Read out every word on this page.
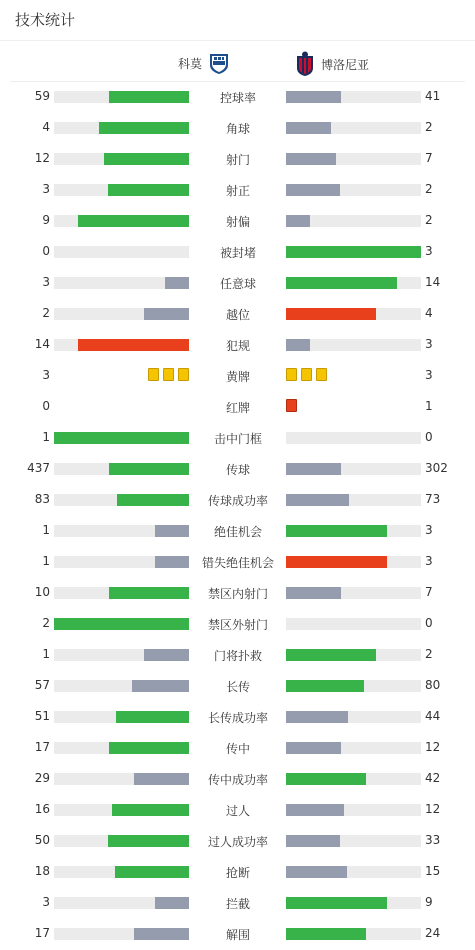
技术统计
科莫	博洛尼亚
59	控球率	41
4	角球	2
12	射门	7
3	射正	2
9	射偏	2
0	被封堵	3
3	任意球	14
2	越位	4
14	犯规	3
3	黄牌	3
0	红牌	1
1	击中门框	0
437	传球	302
83	传球成功率	73
1	绝佳机会	3
1	错失绝佳机会	3
10	禁区内射门	7
2	禁区外射门	0
1	门将扑救	2
57	长传	80
51	长传成功率	44
17	传中	12
29	传中成功率	42
16	过人	12
50	过人成功率	33
18	抢断	15
3	拦截	9
17	解围	24
